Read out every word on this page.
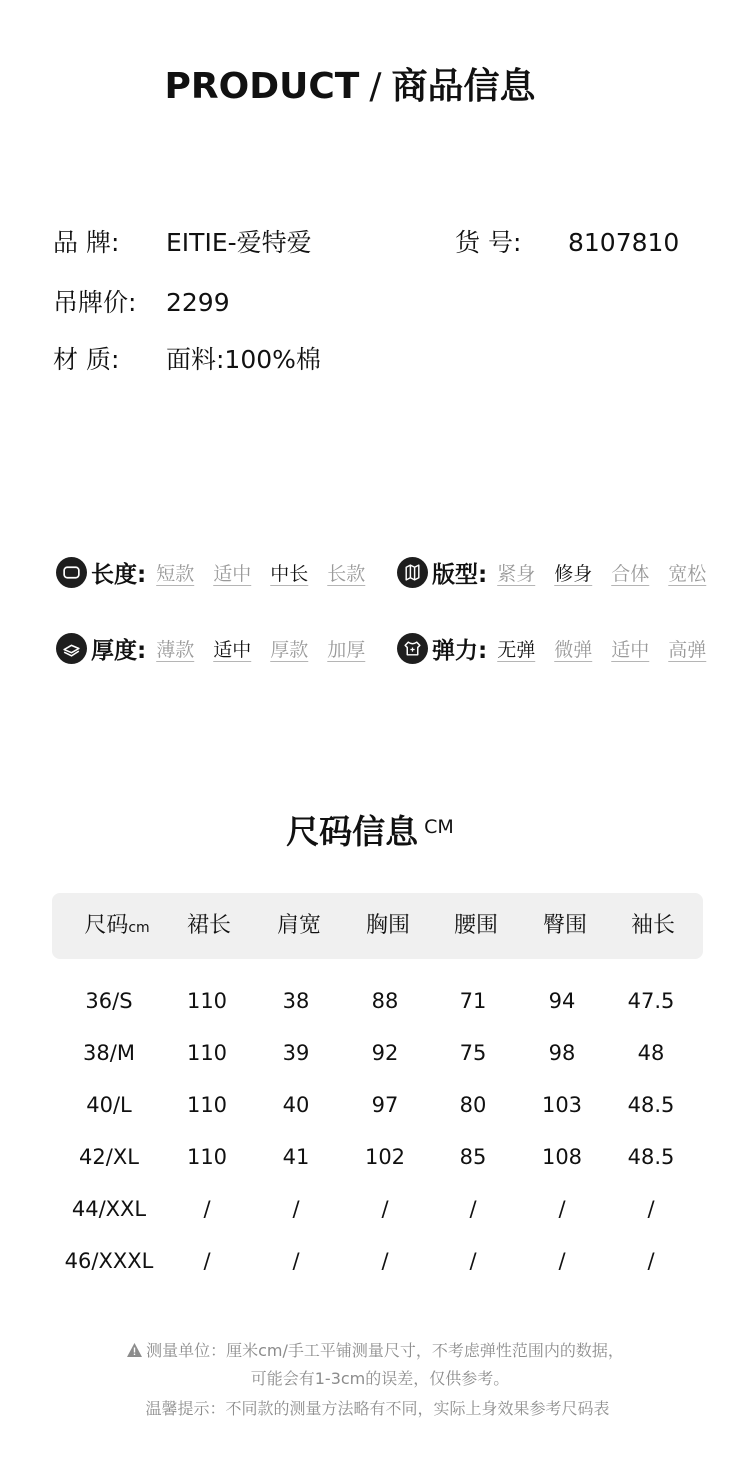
PRODUCT / 商品信息
品 牌: EITIE-爱特爱	货 号: 8107810
吊牌价: 2299
材 质: 面料:100%棉
长度: 短款 适中 中长 长款	版型: 紧身 修身 合体 宽松
厚度: 薄款 适中 厚款 加厚	弹力: 无弹 微弹 适中 高弹
尺码信息 $^{CM}$
尺码cm 裙长 肩宽 胸围 腰围 臀围 袖长
36/S	110	38	88	71	94 47.5
38/M 110	39	92	75	98	48
40/L	110	40	97	80	103 48.5
42/XL 110	41	102	85	108 48.5
44/XXL	/	/	/	/	/	/
46/XXXL /	/	/	/	/	/
测量单位：厘米cm/手工平铺测量尺寸，不考虑弹性范围内的数据，
可能会有1-3cm的误差，仅供参考。
温馨提示：不同款的测量方法略有不同，实际上身效果参考尺码表
